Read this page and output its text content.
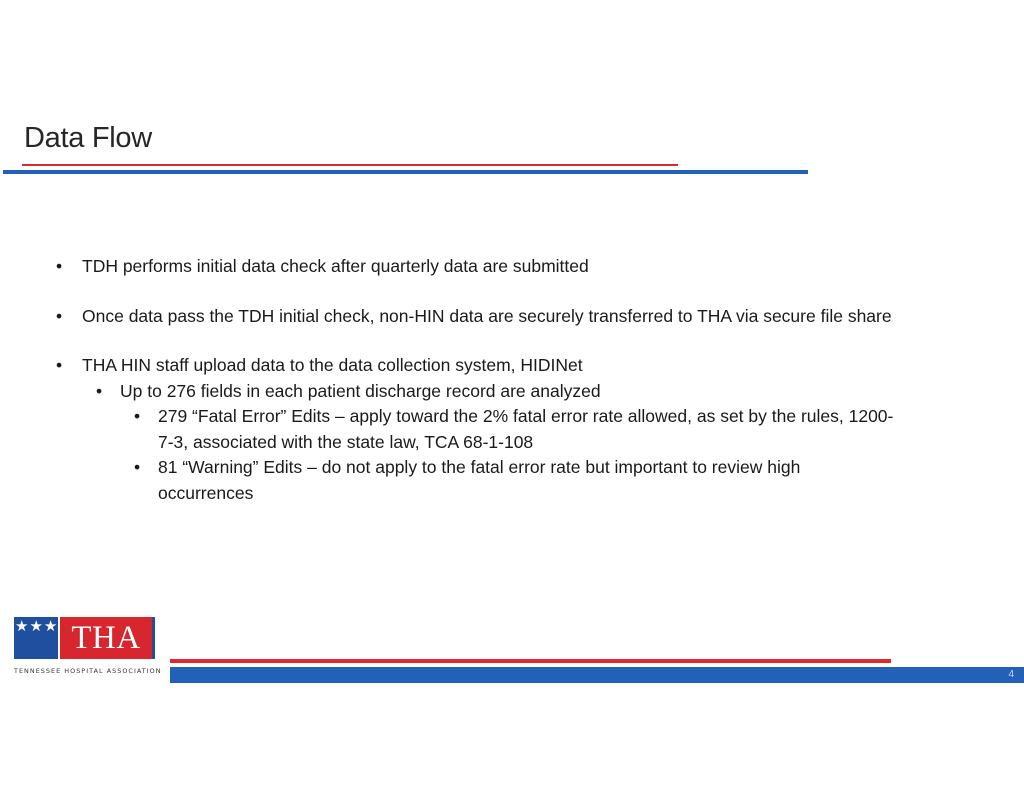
Data Flow

• TDH performs initial data check after quarterly data are submitted

• Once data pass the TDH initial check, non-HIN data are securely transferred to THA via secure file share

• THA HIN staff upload data to the data collection system, HIDINet

• Up to 276 fields in each patient discharge record are analyzed

• 279 “Fatal Error” Edits – apply toward the 2% fatal error rate allowed, as set by the rules, 1200-7-3, associated with the state law, TCA 68-1-108

• 81 “Warning” Edits – do not apply to the fatal error rate but important to review high occurrences

★★★ THA
TENNESSEE HOSPITAL ASSOCIATION	4
